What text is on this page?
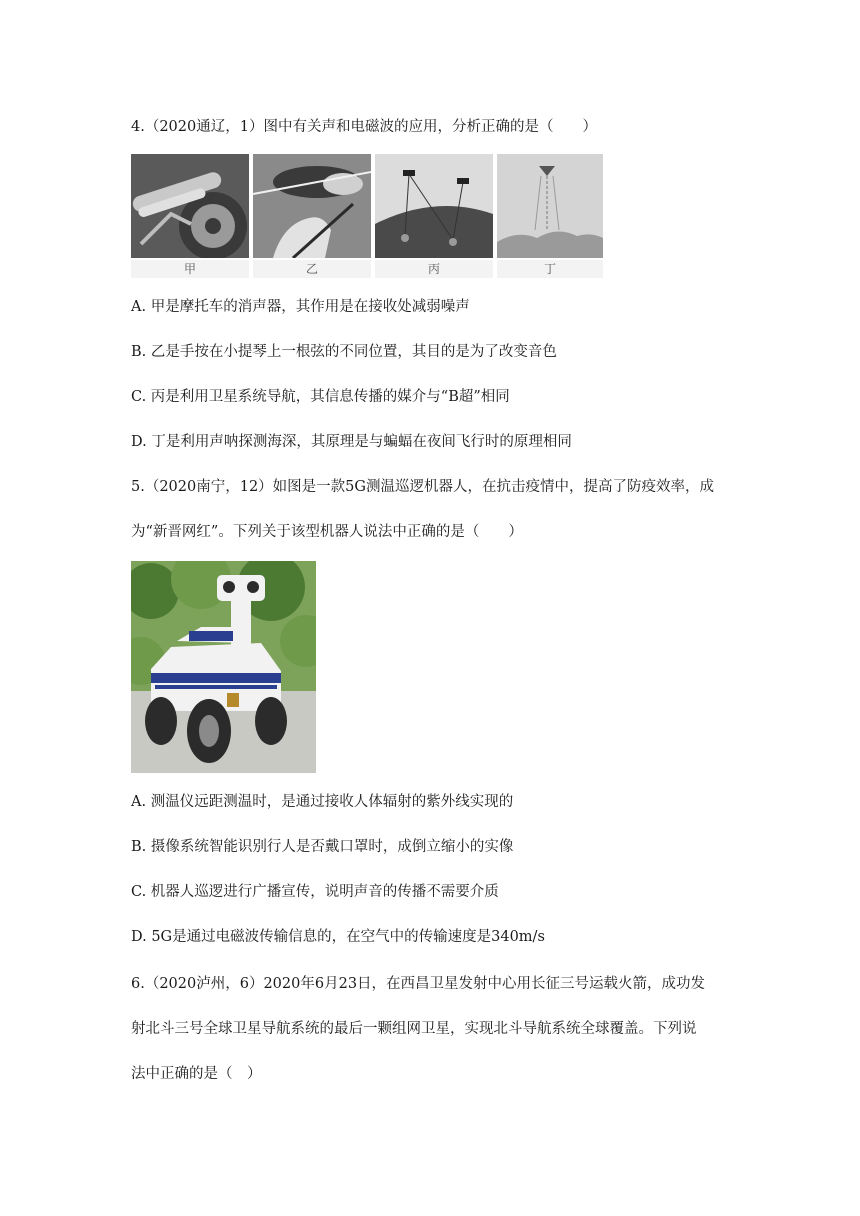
4.（2020通辽，1）图中有关声和电磁波的应用，分析正确的是（　　）
甲	乙	丙	丁
A. 甲是摩托车的消声器，其作用是在接收处减弱噪声
B. 乙是手按在小提琴上一根弦的不同位置，其目的是为了改变音色
C. 丙是利用卫星系统导航，其信息传播的媒介与“B超”相同
D. 丁是利用声呐探测海深，其原理是与蝙蝠在夜间飞行时的原理相同
5.（2020南宁，12）如图是一款5G测温巡逻机器人，在抗击疫情中，提高了防疫效率，成
为“新晋网红”。下列关于该型机器人说法中正确的是（　　）
A. 测温仪远距测温时，是通过接收人体辐射的紫外线实现的
B. 摄像系统智能识别行人是否戴口罩时，成倒立缩小的实像
C. 机器人巡逻进行广播宣传，说明声音的传播不需要介质
D. 5G是通过电磁波传输信息的，在空气中的传输速度是340m/s
6.（2020泸州，6）2020年6月23日，在西昌卫星发射中心用长征三号运载火箭，成功发
射北斗三号全球卫星导航系统的最后一颗组网卫星，实现北斗导航系统全球覆盖。下列说
法中正确的是（　）
